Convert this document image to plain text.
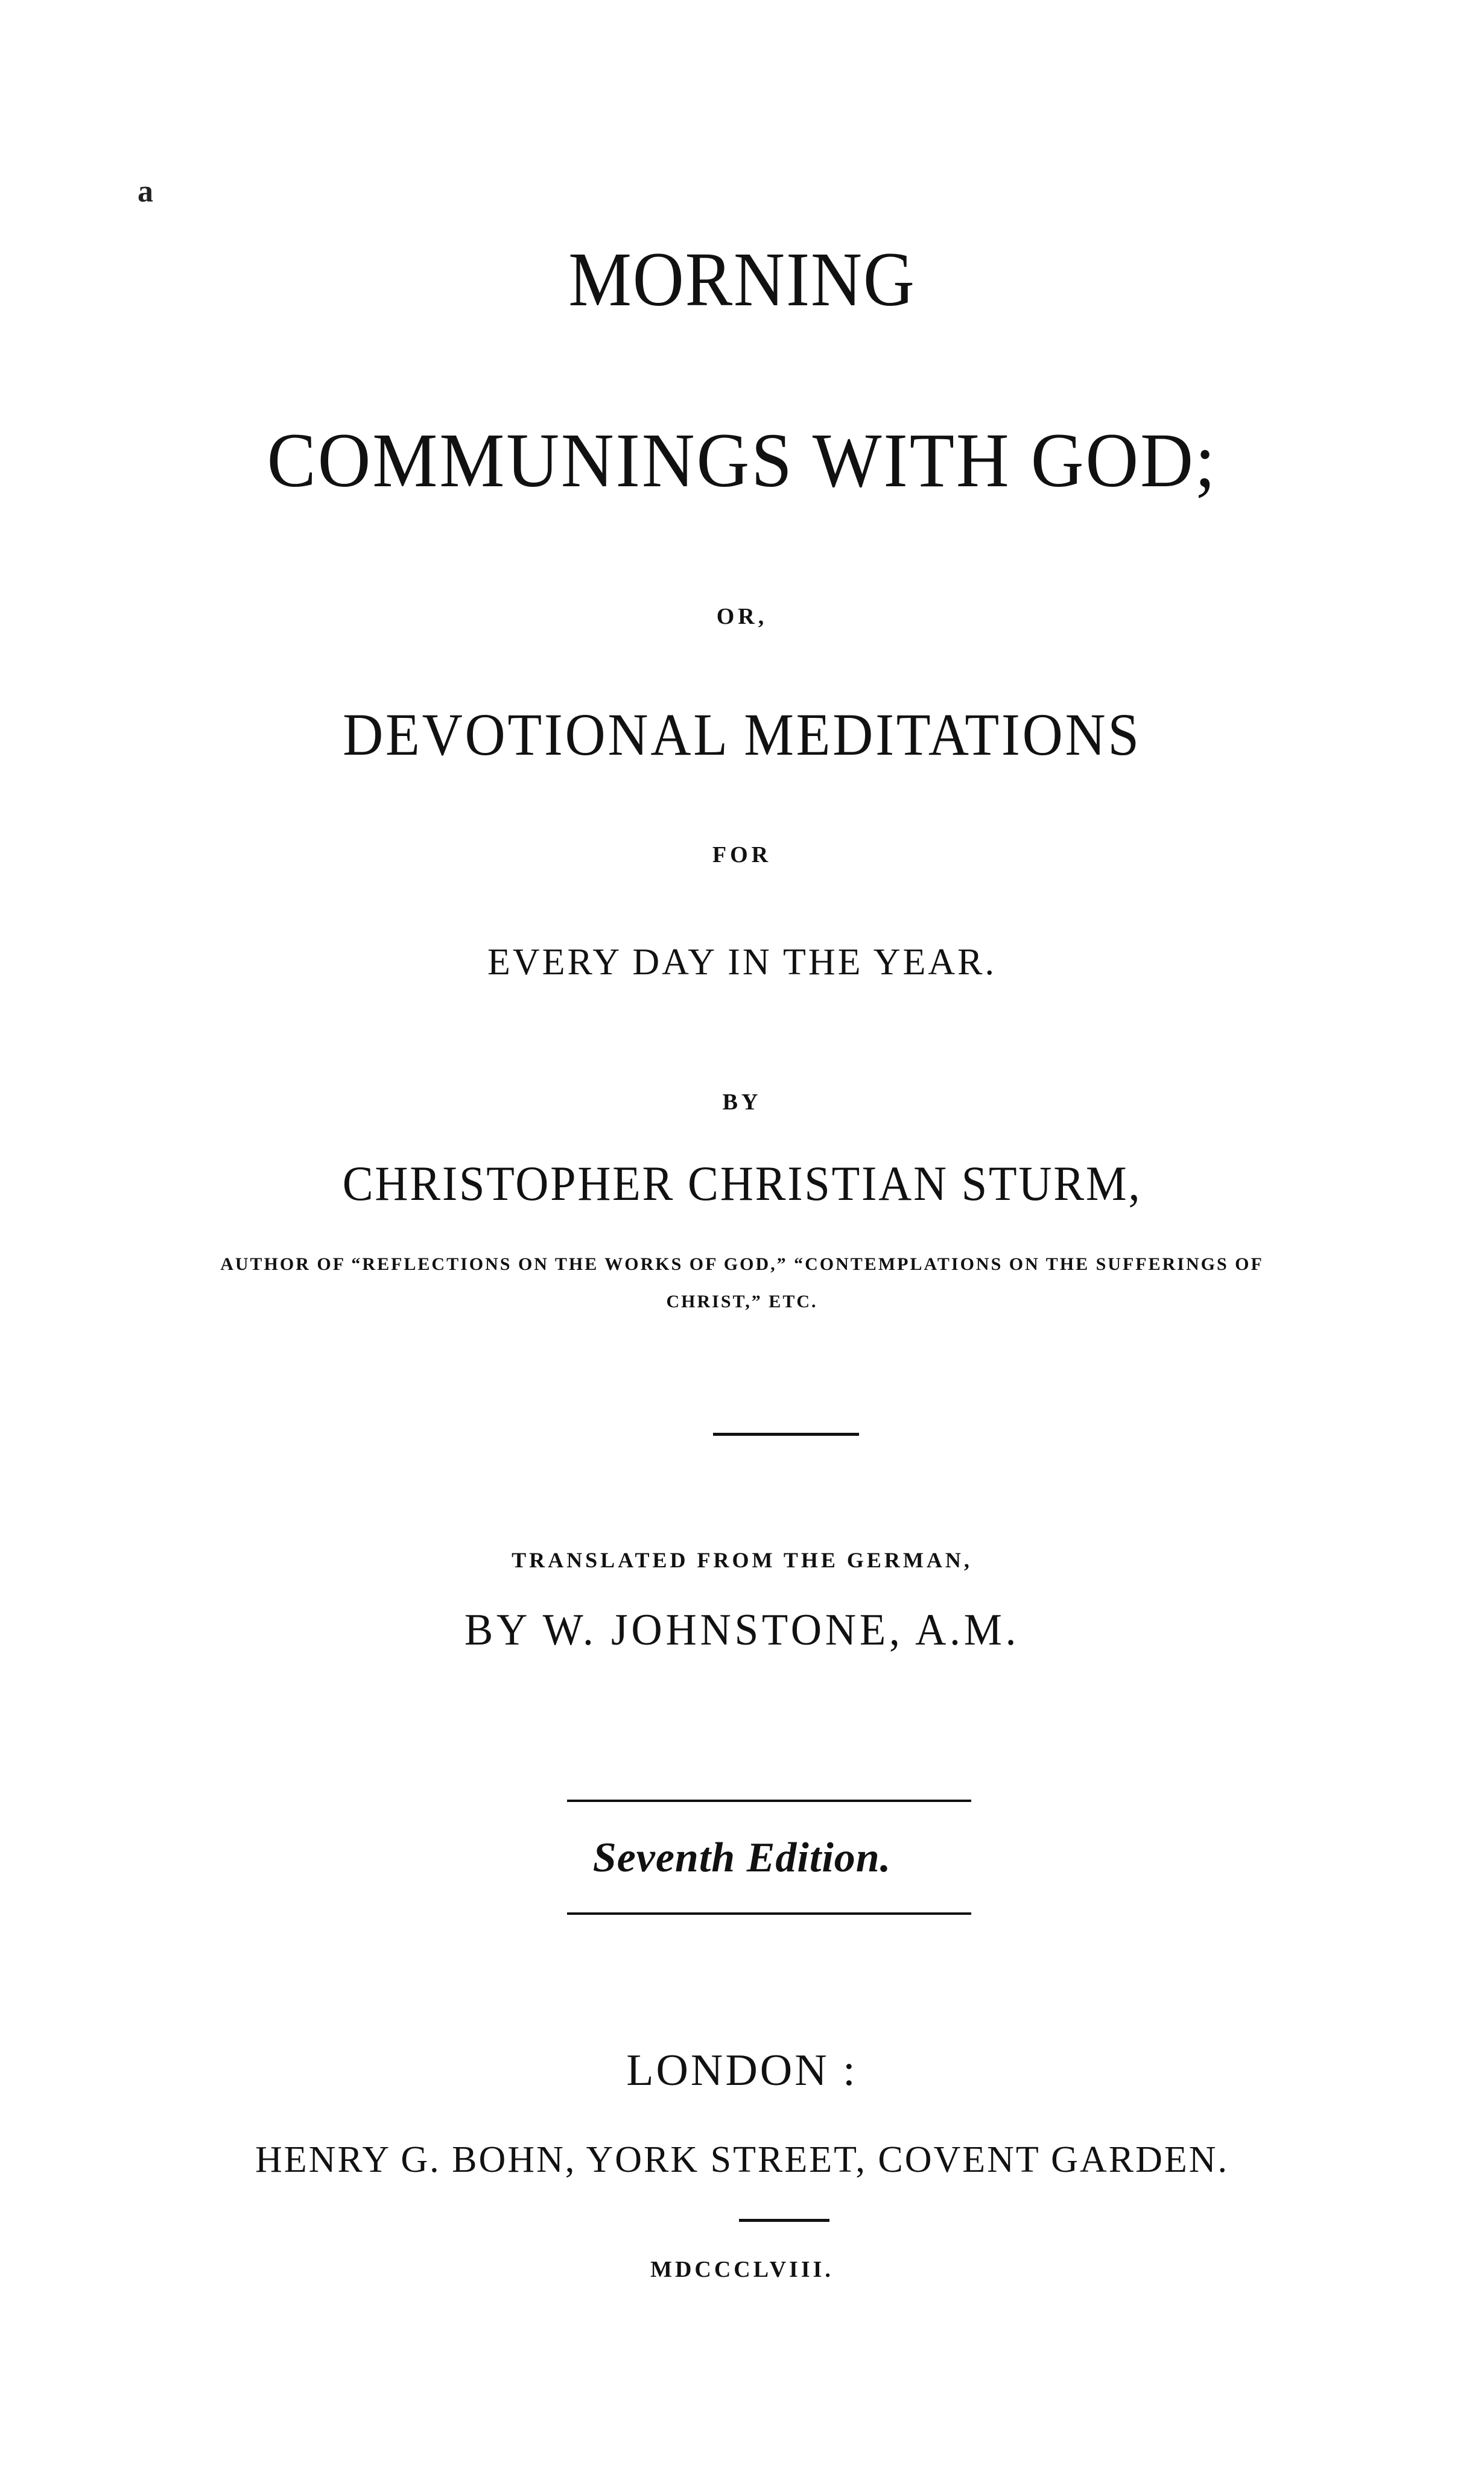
a
MORNING
COMMUNINGS WITH GOD;
OR,
DEVOTIONAL MEDITATIONS
FOR
EVERY DAY IN THE YEAR.
BY
CHRISTOPHER CHRISTIAN STURM,
AUTHOR OF “REFLECTIONS ON THE WORKS OF GOD,” “CONTEMPLATIONS ON THE SUFFERINGS OF CHRIST,” ETC.
TRANSLATED FROM THE GERMAN,
BY W. JOHNSTONE, A.M.
Seventh Edition.
LONDON :
HENRY G. BOHN, YORK STREET, COVENT GARDEN.
MDCCCLVIII.
